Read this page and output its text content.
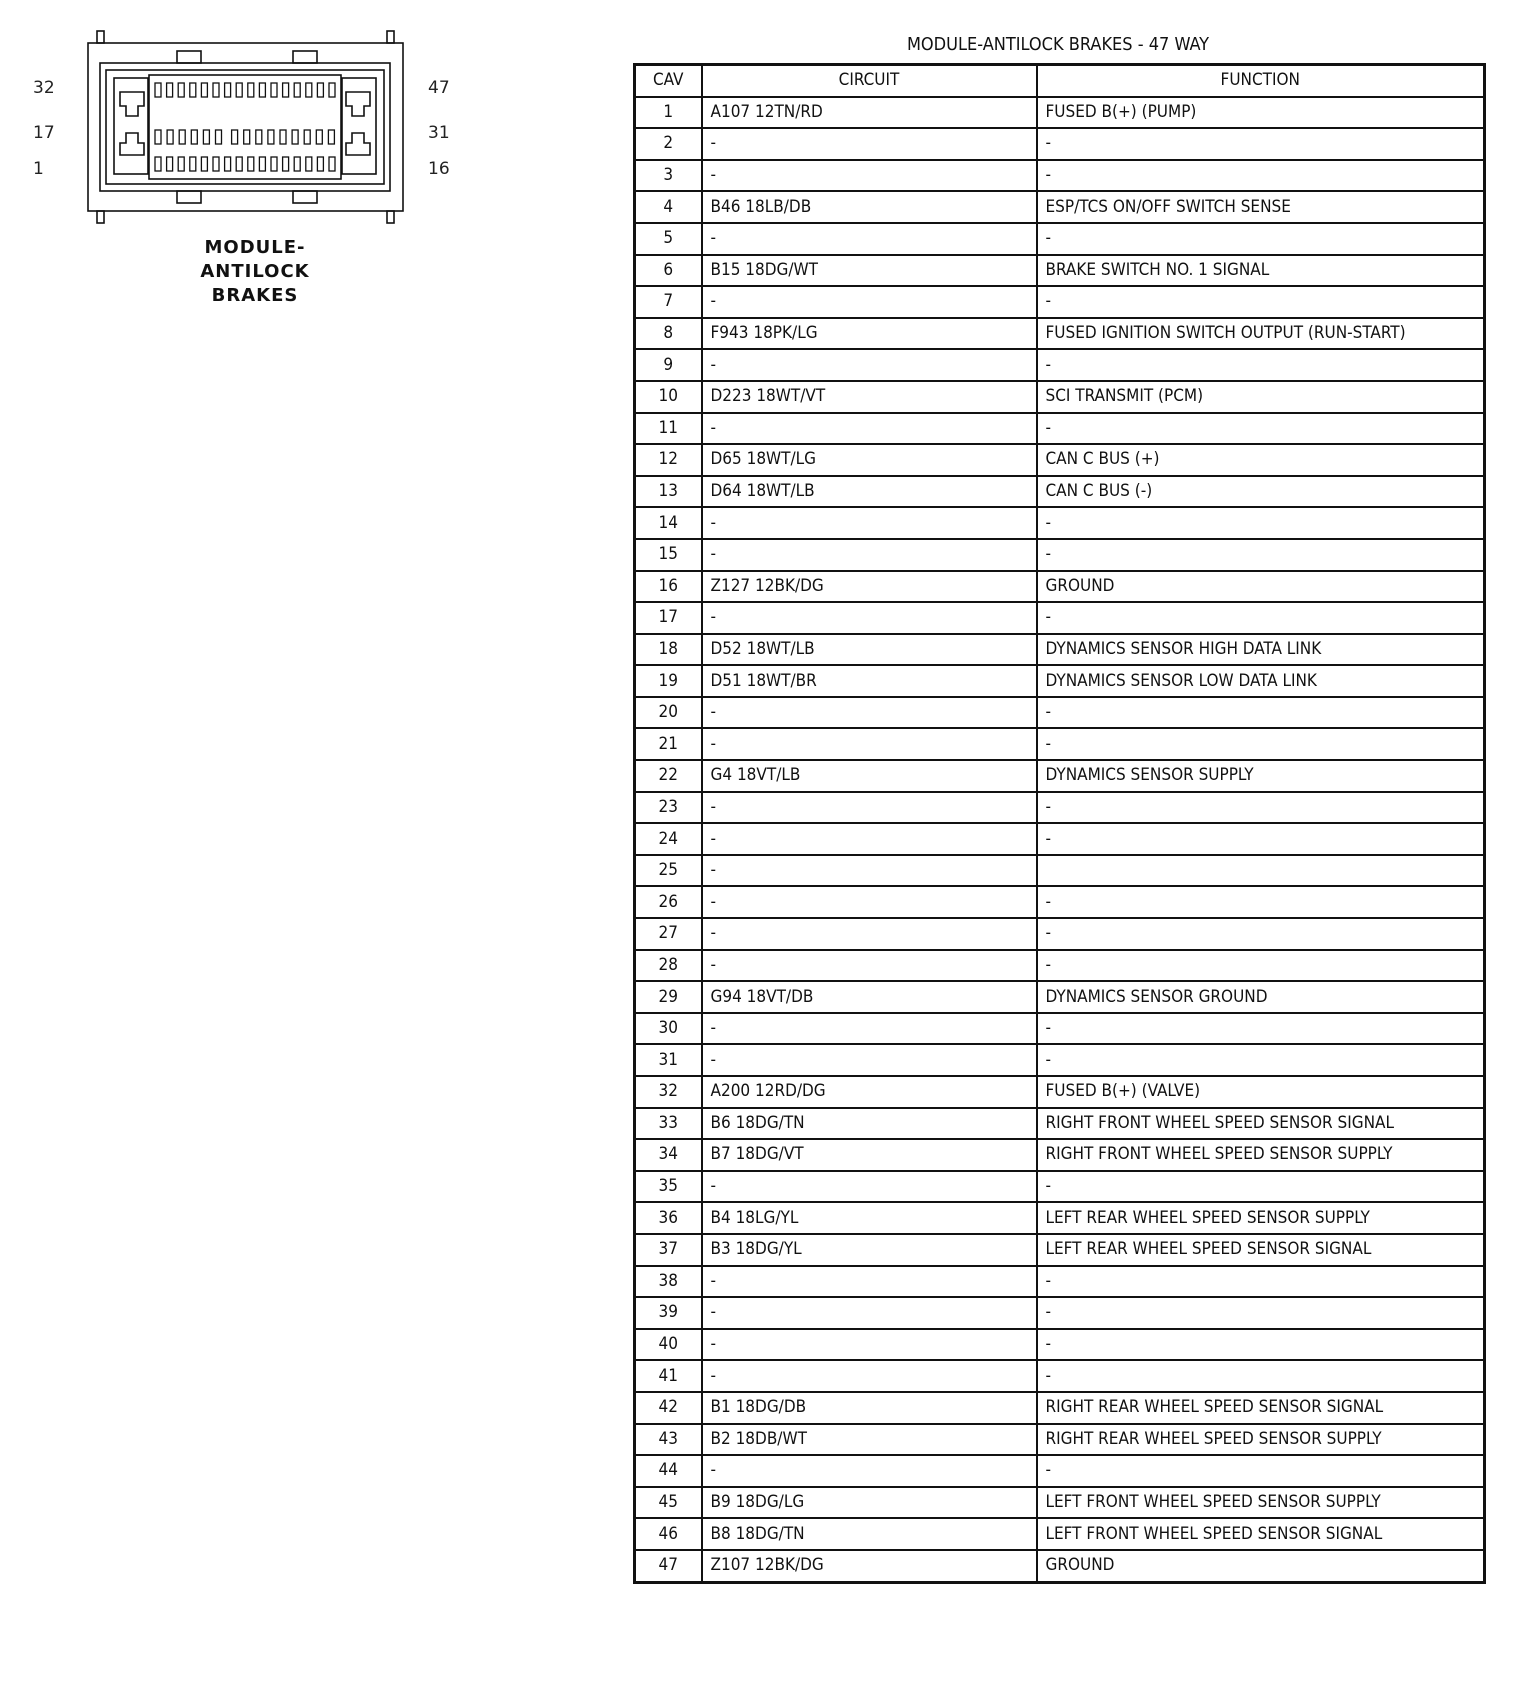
32
17
1
47
31
16
MODULE-
ANTILOCK
BRAKES
MODULE-ANTILOCK BRAKES - 47 WAY
CAV	CIRCUIT	FUNCTION
1	A107 12TN/RD	FUSED B(+) (PUMP)
2	-	-
3	-	-
4	B46 18LB/DB	ESP/TCS ON/OFF SWITCH SENSE
5	-	-
6	B15 18DG/WT	BRAKE SWITCH NO. 1 SIGNAL
7	-	-
8	F943 18PK/LG	FUSED IGNITION SWITCH OUTPUT (RUN-START)
9	-	-
10	D223 18WT/VT	SCI TRANSMIT (PCM)
11	-	-
12	D65 18WT/LG	CAN C BUS (+)
13	D64 18WT/LB	CAN C BUS (-)
14	-	-
15	-	-
16	Z127 12BK/DG	GROUND
17	-	-
18	D52 18WT/LB	DYNAMICS SENSOR HIGH DATA LINK
19	D51 18WT/BR	DYNAMICS SENSOR LOW DATA LINK
20	-	-
21	-	-
22	G4 18VT/LB	DYNAMICS SENSOR SUPPLY
23	-	-
24	-	-
25	-	
26	-	-
27	-	-
28	-	-
29	G94 18VT/DB	DYNAMICS SENSOR GROUND
30	-	-
31	-	-
32	A200 12RD/DG	FUSED B(+) (VALVE)
33	B6 18DG/TN	RIGHT FRONT WHEEL SPEED SENSOR SIGNAL
34	B7 18DG/VT	RIGHT FRONT WHEEL SPEED SENSOR SUPPLY
35	-	-
36	B4 18LG/YL	LEFT REAR WHEEL SPEED SENSOR SUPPLY
37	B3 18DG/YL	LEFT REAR WHEEL SPEED SENSOR SIGNAL
38	-	-
39	-	-
40	-	-
41	-	-
42	B1 18DG/DB	RIGHT REAR WHEEL SPEED SENSOR SIGNAL
43	B2 18DB/WT	RIGHT REAR WHEEL SPEED SENSOR SUPPLY
44	-	-
45	B9 18DG/LG	LEFT FRONT WHEEL SPEED SENSOR SUPPLY
46	B8 18DG/TN	LEFT FRONT WHEEL SPEED SENSOR SIGNAL
47	Z107 12BK/DG	GROUND
